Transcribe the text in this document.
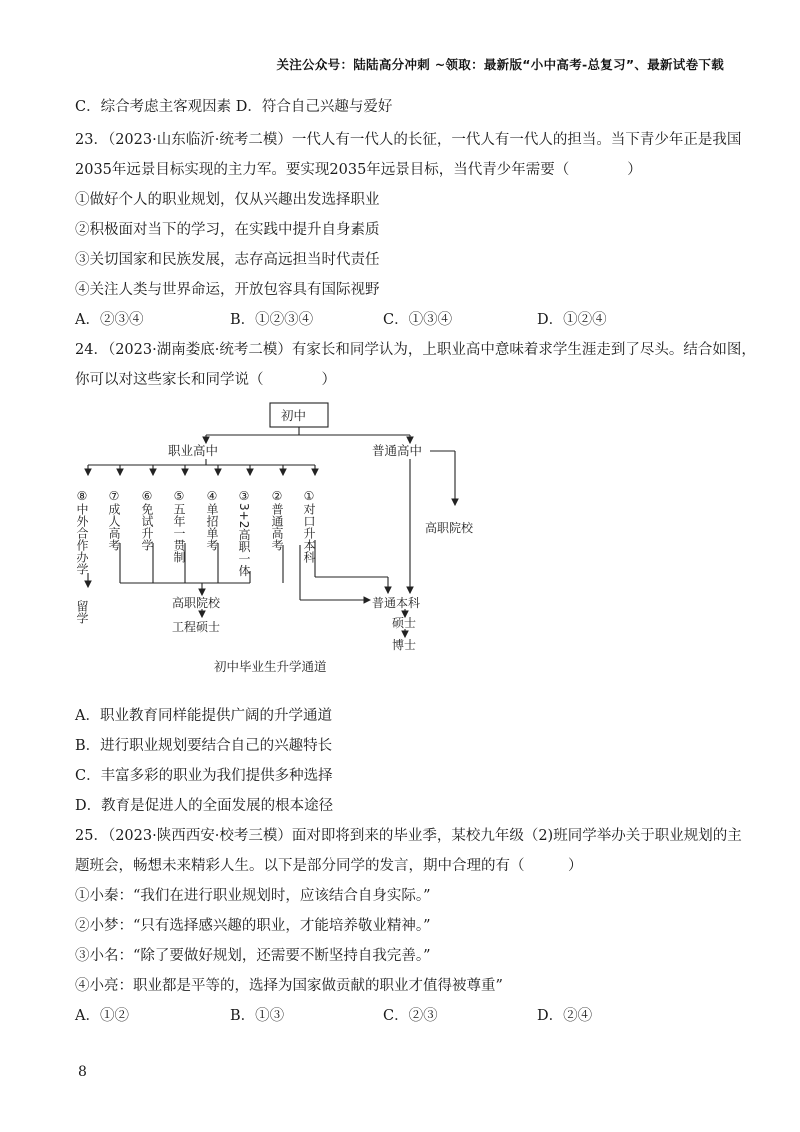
关注公众号：陆陆高分冲刺 ~领取：最新版“小中高考-总复习”、最新试卷下载
C．综合考虑主客观因素 D．符合自己兴趣与爱好
23．（2023·山东临沂·统考二模）一代人有一代人的长征，一代人有一代人的担当。当下青少年正是我国
2035年远景目标实现的主力军。要实现2035年远景目标，当代青少年需要（　　　　）
①做好个人的职业规划，仅从兴趣出发选择职业
②积极面对当下的学习，在实践中提升自身素质
③关切国家和民族发展，志存高远担当时代责任
④关注人类与世界命运，开放包容具有国际视野
A．②③④	B．①②③④	C．①③④	D．①②④
24．（2023·湖南娄底·统考二模）有家长和同学认为，上职业高中意味着求学生涯走到了尽头。结合如图，
你可以对这些家长和同学说（　　　　）
初中
职业高中	普通高中
⑧中外合作办学 ⑦成人高考 ⑥免试升学 ⑤五年一贯制 ④单招单考 ③3+2高职一体 ②普通高考 ①对口升本科
留学	高职院校
工程硕士
高职院校
普通本科
硕士
博士
初中毕业生升学通道
A．职业教育同样能提供广阔的升学通道
B．进行职业规划要结合自己的兴趣特长
C．丰富多彩的职业为我们提供多种选择
D．教育是促进人的全面发展的根本途径
25．（2023·陕西西安·校考三模）面对即将到来的毕业季，某校九年级（2)班同学举办关于职业规划的主
题班会，畅想未来精彩人生。以下是部分同学的发言，期中合理的有（　　　）
①小秦：“我们在进行职业规划时，应该结合自身实际。”
②小梦：“只有选择感兴趣的职业，才能培养敬业精神。”
③小名：“除了要做好规划，还需要不断坚持自我完善。”
④小亮：职业都是平等的，选择为国家做贡献的职业才值得被尊重”
A．①②	B．①③	C．②③	D．②④
8
